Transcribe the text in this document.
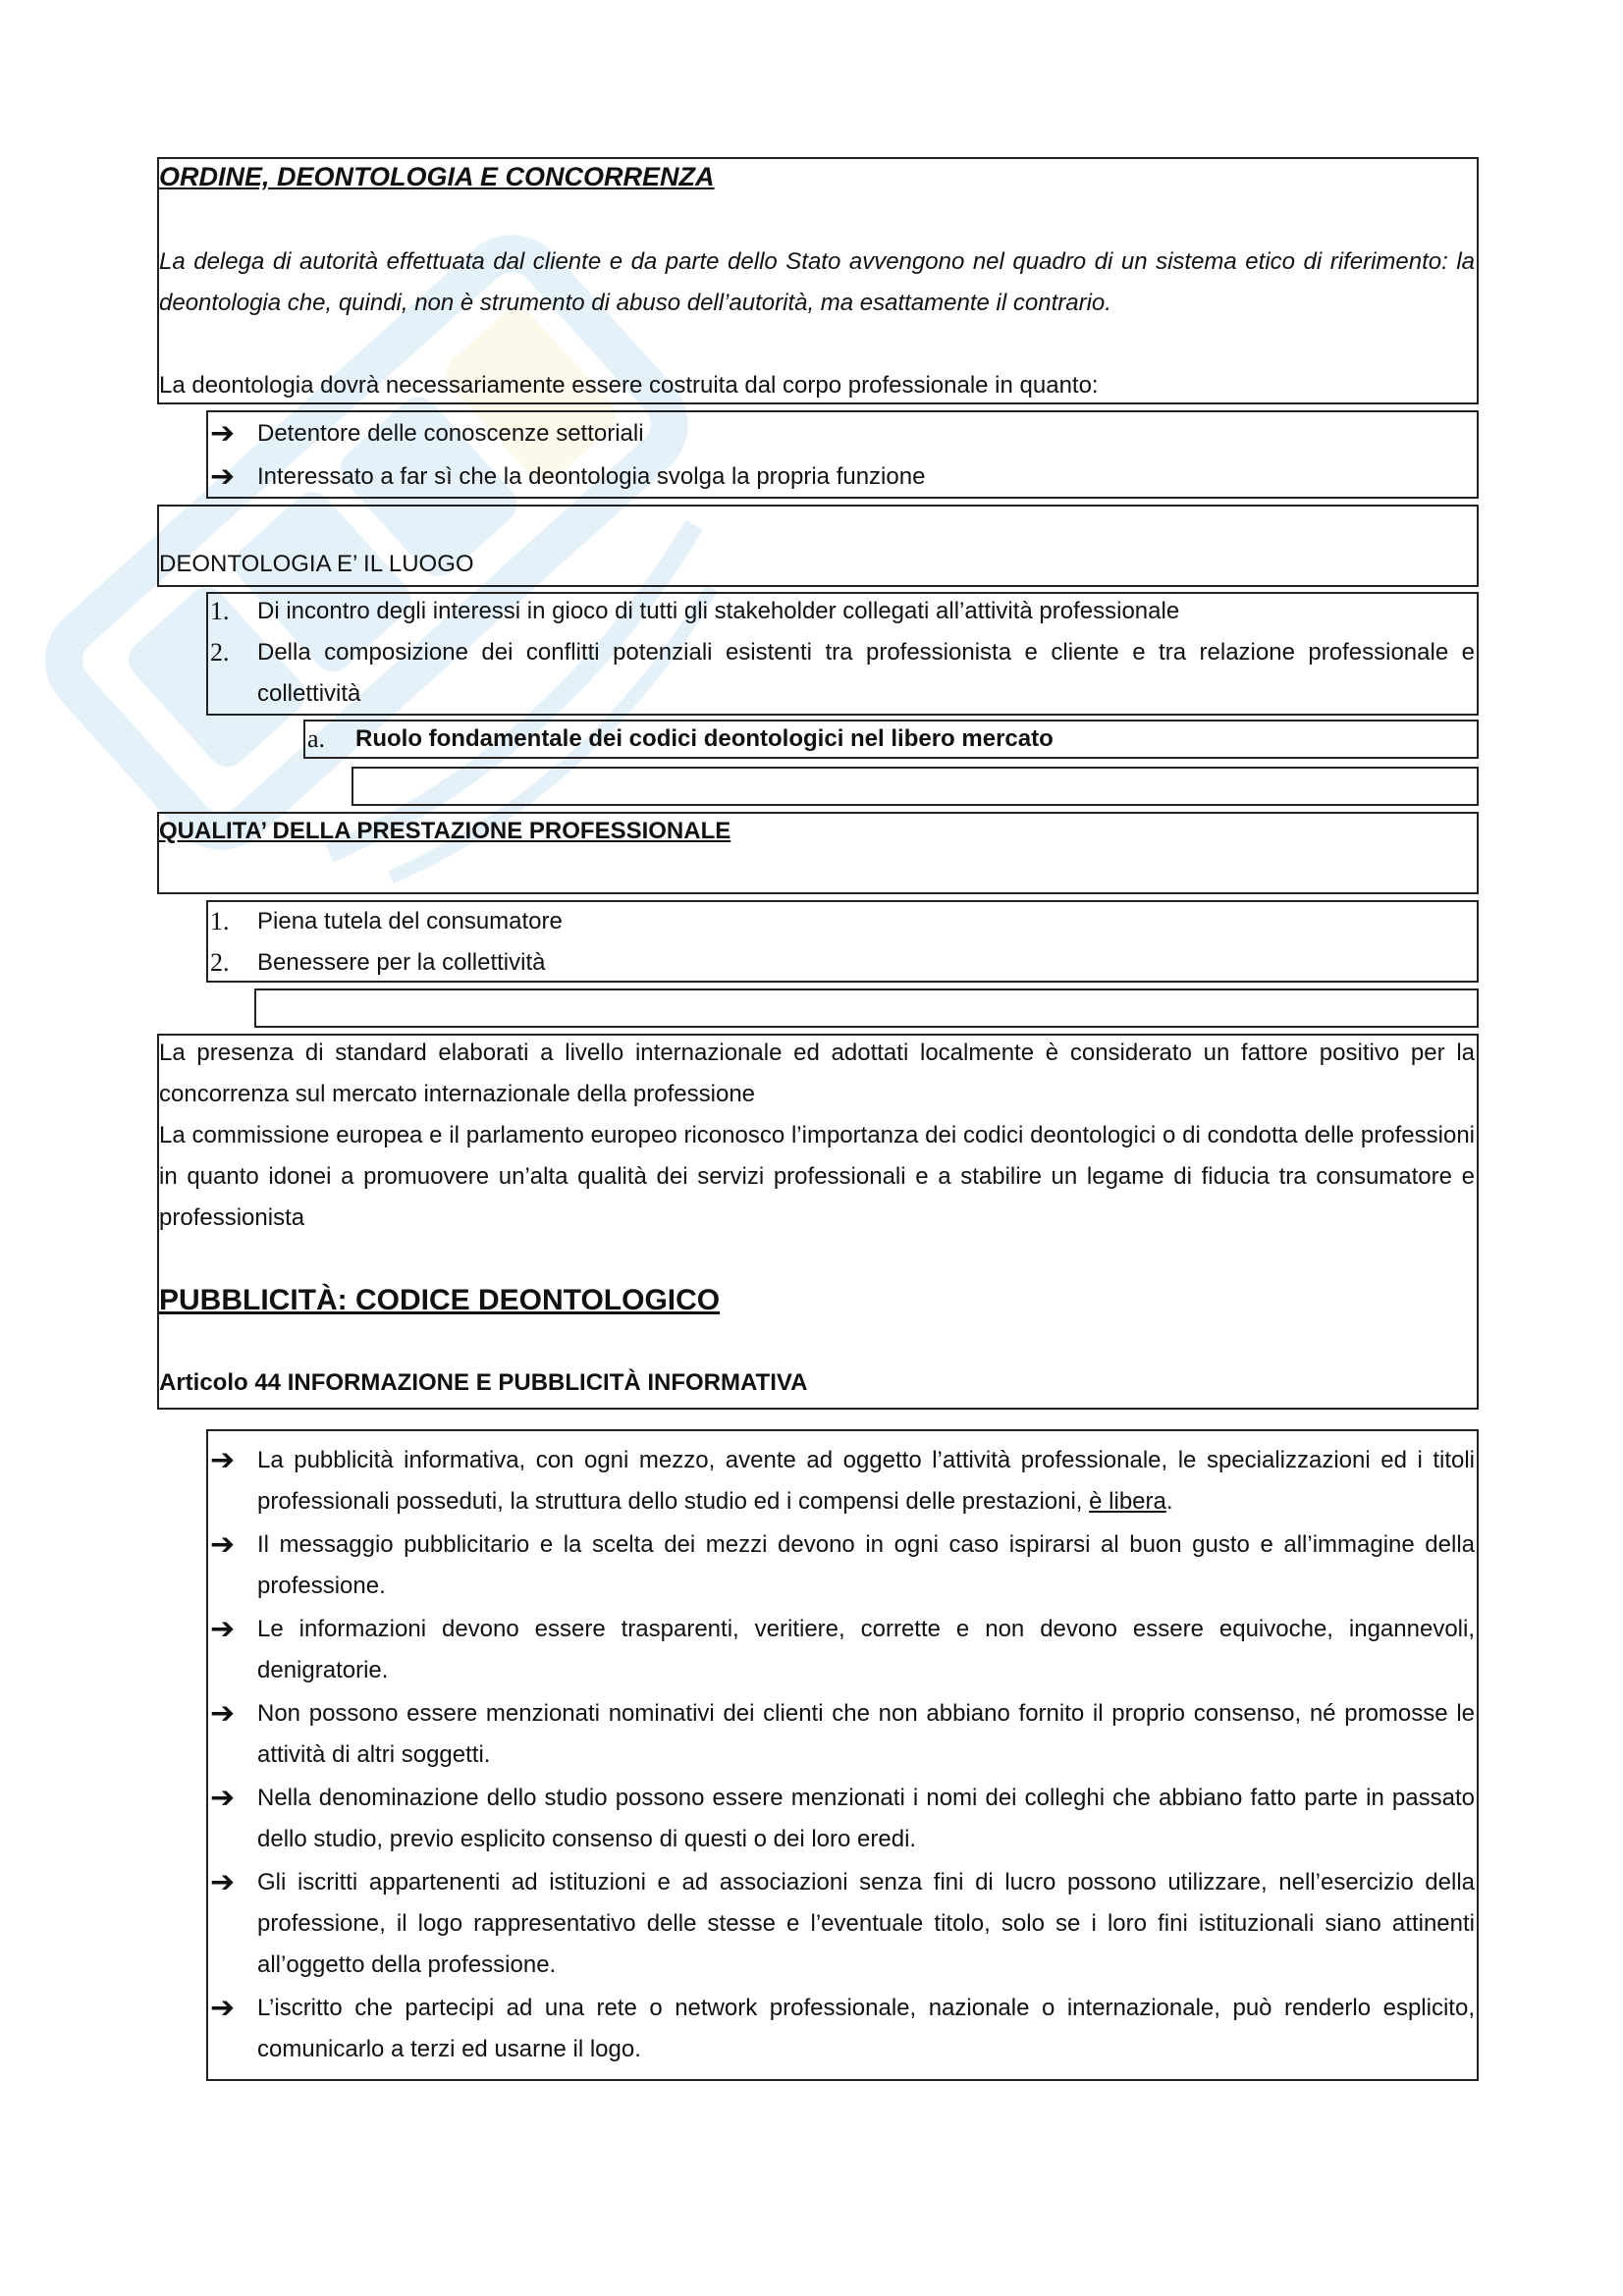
ORDINE, DEONTOLOGIA E CONCORRENZA
La delega di autorità effettuata dal cliente e da parte dello Stato avvengono nel quadro di un sistema etico di riferimento: la
deontologia che, quindi, non è strumento di abuso dell’autorità, ma esattamente il contrario.
La deontologia dovrà necessariamente essere costruita dal corpo professionale in quanto:
➔ Detentore delle conoscenze settoriali
➔ Interessato a far sì che la deontologia svolga la propria funzione
DEONTOLOGIA E’ IL LUOGO
1. Di incontro degli interessi in gioco di tutti gli stakeholder collegati all’attività professionale
2. Della composizione dei conflitti potenziali esistenti tra professionista e cliente e tra relazione professionale e
collettività
a. Ruolo fondamentale dei codici deontologici nel libero mercato
QUALITA’ DELLA PRESTAZIONE PROFESSIONALE
1. Piena tutela del consumatore
2. Benessere per la collettività
La presenza di standard elaborati a livello internazionale ed adottati localmente è considerato un fattore positivo per la
concorrenza sul mercato internazionale della professione
La commissione europea e il parlamento europeo riconosco l’importanza dei codici deontologici o di condotta delle professioni
in quanto idonei a promuovere un’alta qualità dei servizi professionali e a stabilire un legame di fiducia tra consumatore e
professionista
PUBBLICITÀ: CODICE DEONTOLOGICO
Articolo 44 INFORMAZIONE E PUBBLICITÀ INFORMATIVA
➔ La pubblicità informativa, con ogni mezzo, avente ad oggetto l’attività professionale, le specializzazioni ed i titoli
professionali posseduti, la struttura dello studio ed i compensi delle prestazioni, è libera.
➔ Il messaggio pubblicitario e la scelta dei mezzi devono in ogni caso ispirarsi al buon gusto e all’immagine della
professione.
➔ Le informazioni devono essere trasparenti, veritiere, corrette e non devono essere equivoche, ingannevoli,
denigratorie.
➔ Non possono essere menzionati nominativi dei clienti che non abbiano fornito il proprio consenso, né promosse le
attività di altri soggetti.
➔ Nella denominazione dello studio possono essere menzionati i nomi dei colleghi che abbiano fatto parte in passato
dello studio, previo esplicito consenso di questi o dei loro eredi.
➔ Gli iscritti appartenenti ad istituzioni e ad associazioni senza fini di lucro possono utilizzare, nell’esercizio della
professione, il logo rappresentativo delle stesse e l’eventuale titolo, solo se i loro fini istituzionali siano attinenti
all’oggetto della professione.
➔ L’iscritto che partecipi ad una rete o network professionale, nazionale o internazionale, può renderlo esplicito,
comunicarlo a terzi ed usarne il logo.
